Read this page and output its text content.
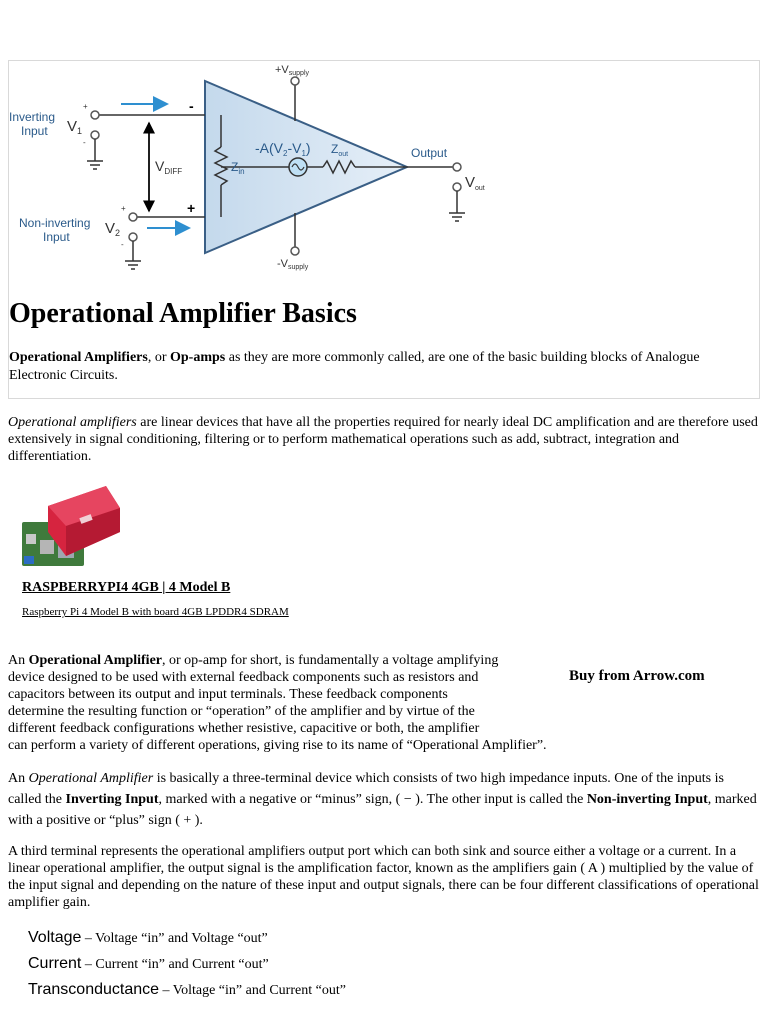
+Vsupply
-Vsupply
Inverting
Input $V_1$
Non-inverting
Input $V_2$
$V_{DIFF}$	$Z_{in}$
$-A(V_2-V_1)$ $Z_{out}$	Output
$V_{out}$
-
+
+
-
+
-
Operational Amplifier Basics

Operational Amplifiers, or Op-amps as they are more commonly called, are one of the basic building blocks of Analogue Electronic Circuits.

Operational amplifiers are linear devices that have all the properties required for nearly ideal DC amplification and are therefore used extensively in signal conditioning, filtering or to perform mathematical operations such as add, subtract, integration and differentiation.

RASPBERRYPI4 4GB | 4 Model B
Raspberry Pi 4 Model B with board 4GB LPDDR4 SDRAM

An Operational Amplifier, or op-amp for short, is fundamentally a voltage amplifying

device designed to be used with external feedback components such as resistors and

capacitors between its output and input terminals. These feedback components

determine the resulting function or “operation” of the amplifier and by virtue of the

different feedback configurations whether resistive, capacitive or both, the amplifier

can perform a variety of different operations, giving rise to its name of “Operational Amplifier”.

Buy from Arrow.com

An Operational Amplifier is basically a three-terminal device which consists of two high impedance inputs. One of the inputs is called the Inverting Input, marked with a negative or “minus” sign, ( − ). The other input is called the Non-inverting Input, marked with a positive or “plus” sign ( + ).

A third terminal represents the operational amplifiers output port which can both sink and source either a voltage or a current. In a linear operational amplifier, the output signal is the amplification factor, known as the amplifiers gain ( A ) multiplied by the value of the input signal and depending on the nature of these input and output signals, there can be four different classifications of operational amplifier gain.

Voltage – Voltage “in” and Voltage “out”
Current – Current “in” and Current “out”
Transconductance – Voltage “in” and Current “out”
